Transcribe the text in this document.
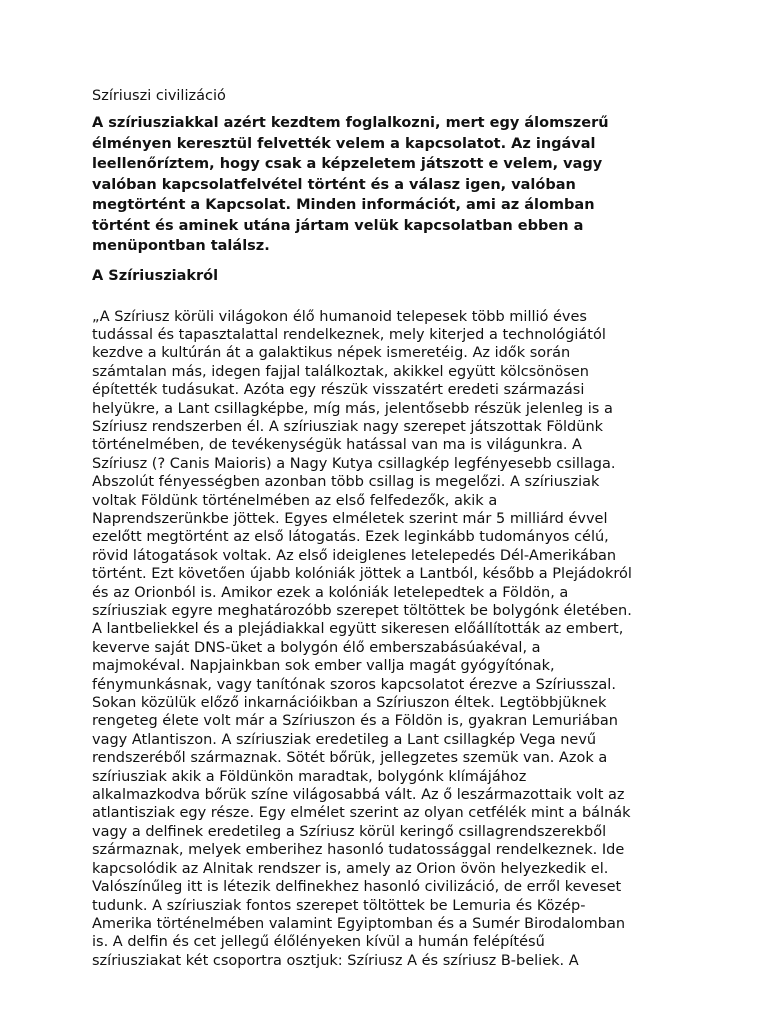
Szíriuszi civilizáció
A szíriusziakkal azért kezdtem foglalkozni, mert egy álomszerű
élményen keresztül felvették velem a kapcsolatot. Az ingával
leellenőríztem, hogy csak a képzeletem játszott e velem, vagy
valóban kapcsolatfelvétel történt és a válasz igen, valóban
megtörtént a Kapcsolat. Minden információt, ami az álomban
történt és aminek utána jártam velük kapcsolatban ebben a
menüpontban találsz.
A Szíriusziakról
„A Szíriusz körüli világokon élő humanoid telepesek több millió éves
tudással és tapasztalattal rendelkeznek, mely kiterjed a technológiától
kezdve a kultúrán át a galaktikus népek ismeretéig. Az idők során
számtalan más, idegen fajjal találkoztak, akikkel együtt kölcsönösen
építették tudásukat. Azóta egy részük visszatért eredeti származási
helyükre, a Lant csillagképbe, míg más, jelentősebb részük jelenleg is a
Szíriusz rendszerben él. A szíriusziak nagy szerepet játszottak Földünk
történelmében, de tevékenységük hatással van ma is világunkra. A
Szíriusz (? Canis Maioris) a Nagy Kutya csillagkép legfényesebb csillaga.
Abszolút fényességben azonban több csillag is megelőzi. A szíriusziak
voltak Földünk történelmében az első felfedezők, akik a
Naprendszerünkbe jöttek. Egyes elméletek szerint már 5 milliárd évvel
ezelőtt megtörtént az első látogatás. Ezek leginkább tudományos célú,
rövid látogatások voltak. Az első ideiglenes letelepedés Dél-Amerikában
történt. Ezt követően újabb kolóniák jöttek a Lantból, később a Plejádokról
és az Orionból is. Amikor ezek a kolóniák letelepedtek a Földön, a
szíriusziak egyre meghatározóbb szerepet töltöttek be bolygónk életében.
A lantbeliekkel és a plejádiakkal együtt sikeresen előállították az embert,
keverve saját DNS-üket a bolygón élő emberszabásúakéval, a
majmokéval. Napjainkban sok ember vallja magát gyógyítónak,
fénymunkásnak, vagy tanítónak szoros kapcsolatot érezve a Szíriusszal.
Sokan közülük előző inkarnációikban a Szíriuszon éltek. Legtöbbjüknek
rengeteg élete volt már a Szíriuszon és a Földön is, gyakran Lemuriában
vagy Atlantiszon. A szíriusziak eredetileg a Lant csillagkép Vega nevű
rendszeréből származnak. Sötét bőrük, jellegzetes szemük van. Azok a
szíriusziak akik a Földünkön maradtak, bolygónk klímájához
alkalmazkodva bőrük színe világosabbá vált. Az ő leszármazottaik volt az
atlantisziak egy része. Egy elmélet szerint az olyan cetfélék mint a bálnák
vagy a delfinek eredetileg a Szíriusz körül keringő csillagrendszerekből
származnak, melyek emberihez hasonló tudatossággal rendelkeznek. Ide
kapcsolódik az Alnitak rendszer is, amely az Orion övön helyezkedik el.
Valószínűleg itt is létezik delfinekhez hasonló civilizáció, de erről keveset
tudunk. A szíriusziak fontos szerepet töltöttek be Lemuria és Közép-
Amerika történelmében valamint Egyiptomban és a Sumér Birodalomban
is. A delfin és cet jellegű élőlényeken kívül a humán felépítésű
szíriusziakat két csoportra osztjuk: Szíriusz A és szíriusz B-beliek. A
